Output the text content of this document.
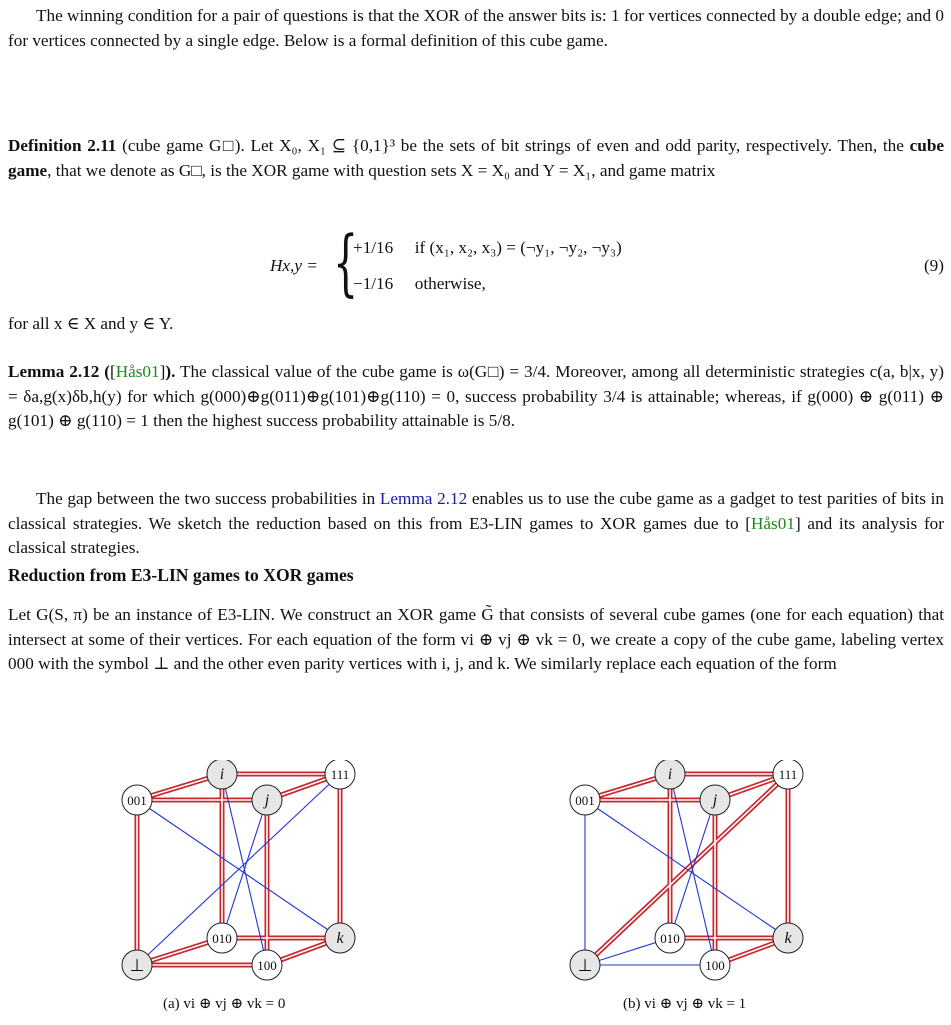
The winning condition for a pair of questions is that the XOR of the answer bits is: 1 for vertices connected by a double edge; and 0 for vertices connected by a single edge. Below is a formal definition of this cube game.

Definition 2.11 (cube game G□). Let X₀, X₁ ⊆ {0,1}³ be the sets of bit strings of even and odd parity, respectively. Then, the cube game, that we denote as G□, is the XOR game with question sets X = X₀ and Y = X₁, and game matrix

Hx,y = {
+1/16 if (x₁, x₂, x₃) = (¬y₁, ¬y₂, ¬y₃)
−1/16 otherwise,
(9)

for all x ∈ X and y ∈ Y.

Lemma 2.12 ([Hås01]). The classical value of the cube game is ω(G□) = 3/4. Moreover, among all deterministic strategies c(a, b|x, y) = δa,g(x)δb,h(y) for which g(000)⊕g(011)⊕g(101)⊕g(110) = 0, success probability 3/4 is attainable; whereas, if g(000) ⊕ g(011) ⊕ g(101) ⊕ g(110) = 1 then the highest success probability attainable is 5/8.

The gap between the two success probabilities in Lemma 2.12 enables us to use the cube game as a gadget to test parities of bits in classical strategies. We sketch the reduction based on this from E3-LIN games to XOR games due to [Hås01] and its analysis for classical strategies.

Reduction from E3-LIN games to XOR games

Let G(S, π) be an instance of E3-LIN. We construct an XOR game G̃ that consists of several cube games (one for each equation) that intersect at some of their vertices. For each equation of the form vi ⊕ vj ⊕ vk = 0, we create a copy of the cube game, labeling vertex 000 with the symbol ⊥ and the other even parity vertices with i, j, and k. We similarly replace each equation of the form

001
i
j
111
⊥
010	k
100
001
i
j
111
⊥
010	k
100
(a) vi ⊕ vj ⊕ vk = 0	(b) vi ⊕ vj ⊕ vk = 1
